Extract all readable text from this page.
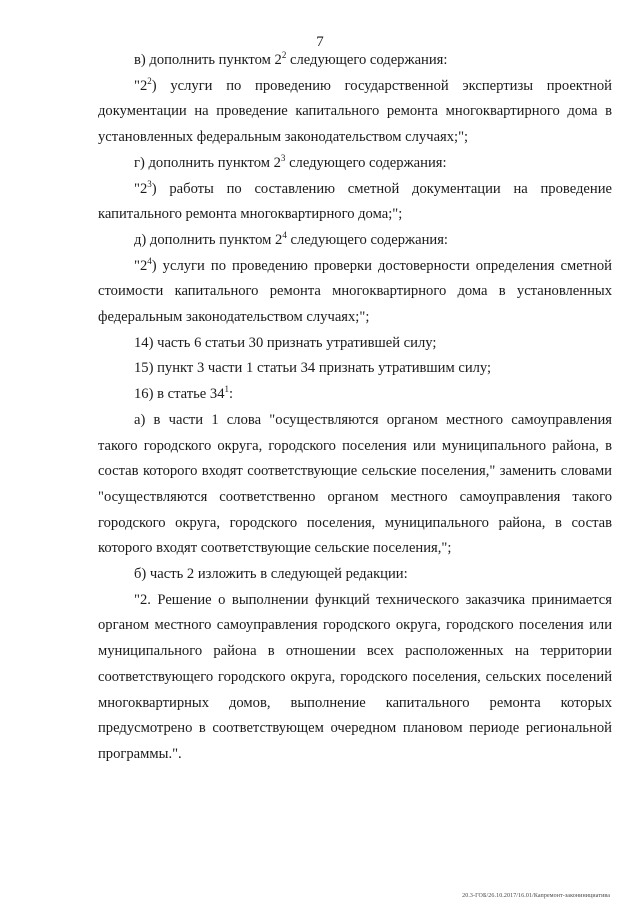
7

в) дополнить пунктом $2^2$ следующего содержания:

"$2^2$) услуги по проведению государственной экспертизы проектной документации на проведение капитального ремонта многоквартирного дома в установленных федеральным законодательством случаях;";

г) дополнить пунктом $2^3$ следующего содержания:

"$2^3$) работы по составлению сметной документации на проведение капитального ремонта многоквартирного дома;";

д) дополнить пунктом $2^4$ следующего содержания:

"$2^4$) услуги по проведению проверки достоверности определения сметной стоимости капитального ремонта многоквартирного дома в установленных федеральным законодательством случаях;";

14) часть 6 статьи 30 признать утратившей силу;

15) пункт 3 части 1 статьи 34 признать утратившим силу;

16) в статье $34^1$:

а) в части 1 слова "осуществляются органом местного самоуправления такого городского округа, городского поселения или муниципального района, в состав которого входят соответствующие сельские поселения," заменить словами "осуществляются соответственно органом местного самоуправления такого городского округа, городского поселения, муниципального района, в состав которого входят соответствующие сельские поселения,";

б) часть 2 изложить в следующей редакции:

"2. Решение о выполнении функций технического заказчика принимается органом местного самоуправления городского округа, городского поселения или муниципального района в отношении всех расположенных на территории соответствующего городского округа, городского поселения, сельских поселений многоквартирных домов, выполнение капитального ремонта которых предусмотрено в соответствующем очередном плановом периоде региональной программы.".

20.3-ГОБ/26.10.2017/16.01/Капремонт-законинициатива
